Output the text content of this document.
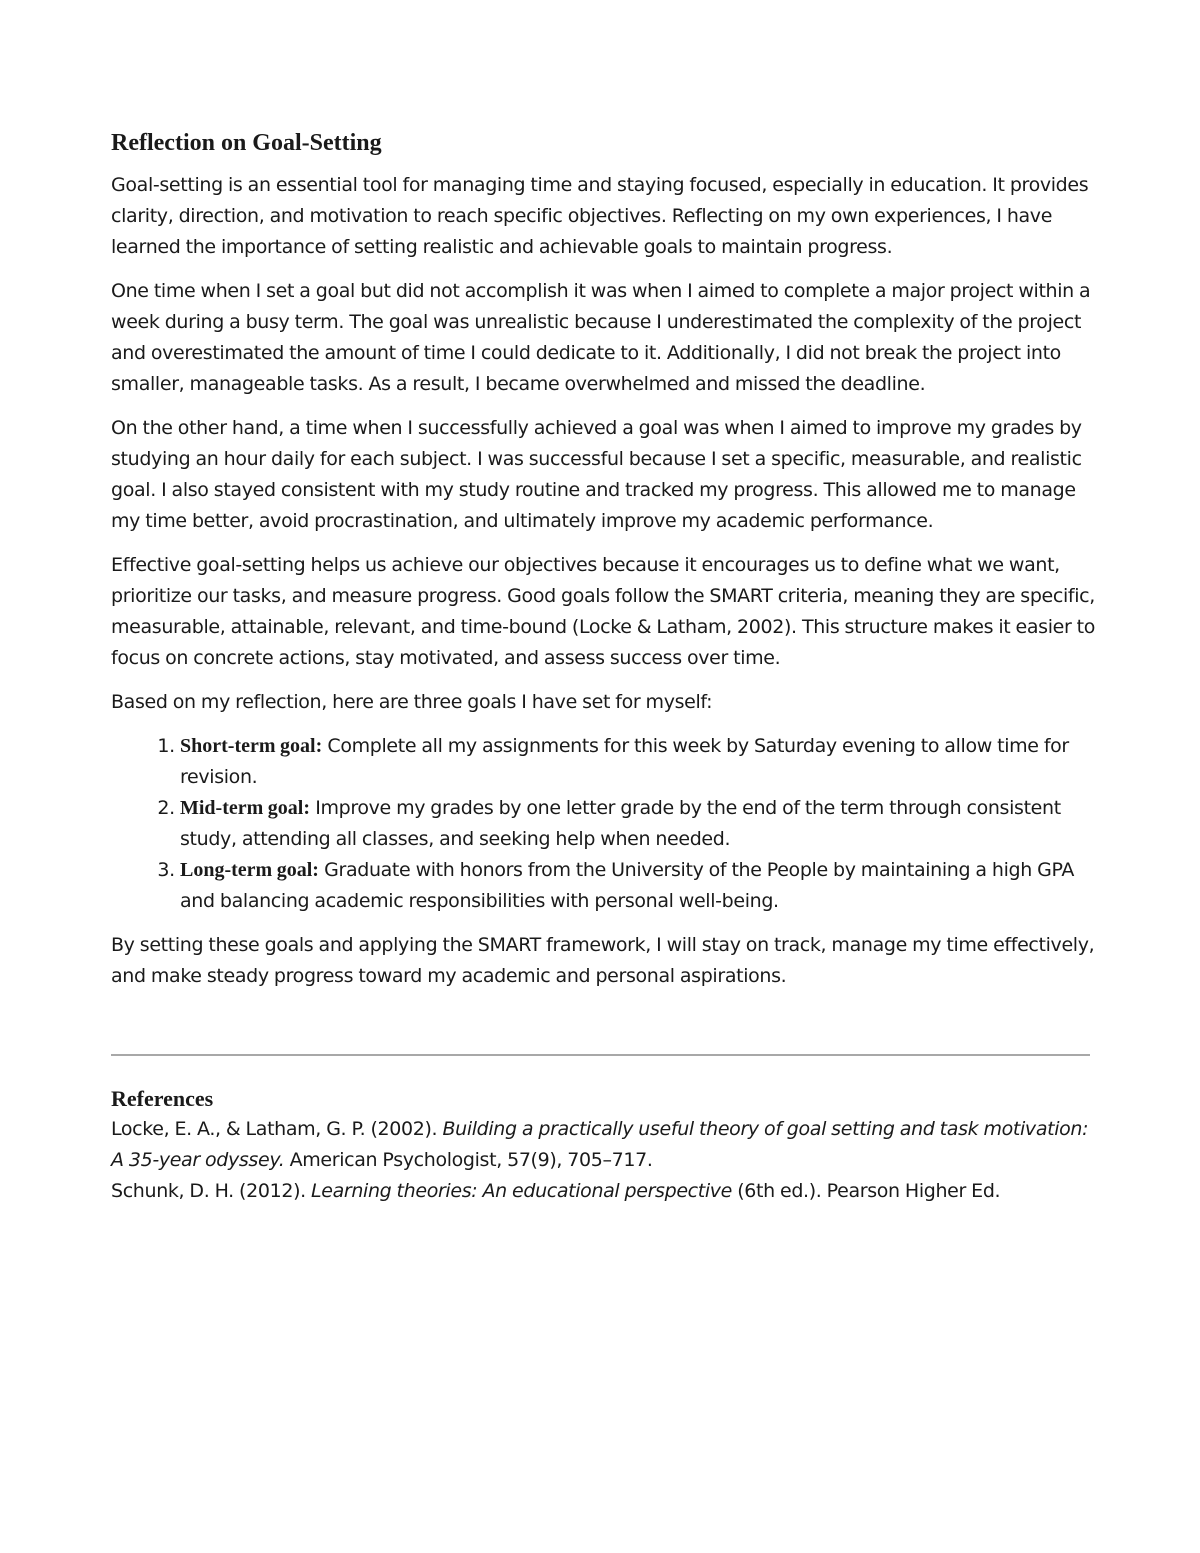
Reflection on Goal-Setting

Goal-setting is an essential tool for managing time and staying focused, especially in education. It provides clarity, direction, and motivation to reach specific objectives. Reflecting on my own experiences, I have learned the importance of setting realistic and achievable goals to maintain progress.

One time when I set a goal but did not accomplish it was when I aimed to complete a major project within a week during a busy term. The goal was unrealistic because I underestimated the complexity of the project and overestimated the amount of time I could dedicate to it. Additionally, I did not break the project into smaller, manageable tasks. As a result, I became overwhelmed and missed the deadline.

On the other hand, a time when I successfully achieved a goal was when I aimed to improve my grades by studying an hour daily for each subject. I was successful because I set a specific, measurable, and realistic goal. I also stayed consistent with my study routine and tracked my progress. This allowed me to manage my time better, avoid procrastination, and ultimately improve my academic performance.

Effective goal-setting helps us achieve our objectives because it encourages us to define what we want, prioritize our tasks, and measure progress. Good goals follow the SMART criteria, meaning they are specific, measurable, attainable, relevant, and time-bound (Locke & Latham, 2002). This structure makes it easier to focus on concrete actions, stay motivated, and assess success over time.

Based on my reflection, here are three goals I have set for myself:

1. Short-term goal: Complete all my assignments for this week by Saturday evening to allow time for revision.
2. Mid-term goal: Improve my grades by one letter grade by the end of the term through consistent study, attending all classes, and seeking help when needed.
3. Long-term goal: Graduate with honors from the University of the People by maintaining a high GPA and balancing academic responsibilities with personal well-being.

By setting these goals and applying the SMART framework, I will stay on track, manage my time effectively, and make steady progress toward my academic and personal aspirations.

References

Locke, E. A., & Latham, G. P. (2002). Building a practically useful theory of goal setting and task motivation: A 35-year odyssey. American Psychologist, 57(9), 705–717.

Schunk, D. H. (2012). Learning theories: An educational perspective (6th ed.). Pearson Higher Ed.
